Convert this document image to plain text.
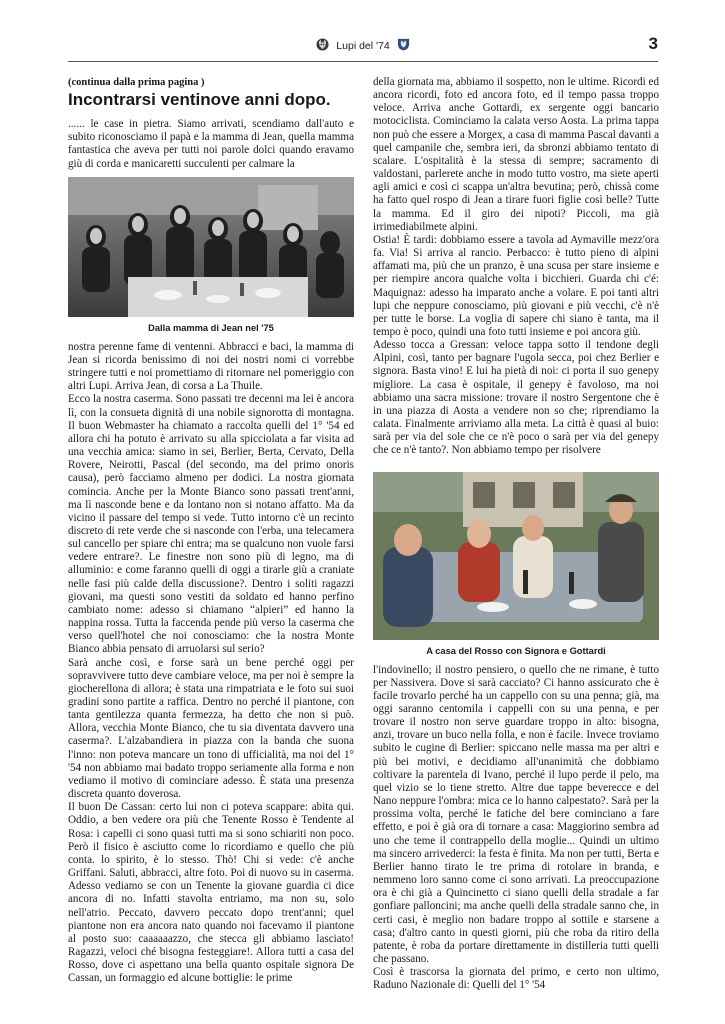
Lupi del '74	3

(continua dalla prima pagina )

Incontrarsi ventinove anni dopo.

...... le case in pietra. Siamo arrivati, scendiamo dall'auto e subito riconosciamo il papà e la mamma di Jean, quella mamma fantastica che aveva per tutti noi parole dolci quando eravamo giù di corda e manicaretti succulenti per calmare la

Dalla mamma di Jean nel '75

nostra perenne fame di ventenni. Abbracci e baci, la mamma di Jean si ricorda benissimo di noi dei nostri nomi ci vorrebbe stringere tutti e noi promettiamo di ritornare nel pomeriggio con altri Lupi. Arriva Jean, di corsa a La Thuile.

Ecco la nostra caserma. Sono passati tre decenni ma lei è ancora lì, con la consueta dignità di una nobile signorotta di montagna. Il buon Webmaster ha chiamato a raccolta quelli del 1° '54 ed allora chi ha potuto è arrivato su alla spicciolata a far visita ad una vecchia amica: siamo in sei, Berlier, Berta, Cervato, Della Rovere, Neirotti, Pascal (del secondo, ma del primo onoris causa), però facciamo almeno per dodici. La nostra giornata comincia. Anche per la Monte Bianco sono passati trent'anni, ma lì nasconde bene e da lontano non si notano affatto. Ma da vicino il passare del tempo si vede. Tutto intorno c'è un recinto discreto di rete verde che si nasconde con l'erba, una telecamera sul cancello per spiare chi entra; ma se qualcuno non vuole farsi vedere entrare?. Le finestre non sono più di legno, ma di alluminio: e come faranno quelli di oggi a tirarle giù a craniate nelle fasi più calde della discussione?. Dentro i soliti ragazzi giovani, ma questi sono vestiti da soldato ed hanno perfino cambiato nome: adesso si chiamano “alpieri” ed hanno la nappina rossa. Tutta la faccenda pende più verso la caserma che verso quell'hotel che noi conosciamo: che la nostra Monte Bianco abbia pensato di arruolarsi sul serio?

Sarà anche così, e forse sarà un bene perché oggi per sopravvivere tutto deve cambiare veloce, ma per noi è sempre la giocherellona di allora; è stata una rimpatriata e le foto sui suoi gradini sono partite a raffica. Dentro no perché il piantone, con tanta gentilezza quanta fermezza, ha detto che non si può. Allora, vecchia Monte Bianco, che tu sia diventata davvero una caserma?. L'alzabandiera in piazza con la banda che suona l'inno: non poteva mancare un tono di ufficialità, ma noi del 1° '54 non abbiamo mai badato troppo seriamente alla forma e non vediamo il motivo di cominciare adesso. È stata una presenza discreta quanto doverosa.

Il buon De Cassan: certo lui non ci poteva scappare: abita qui. Oddio, a ben vedere ora più che Tenente Rosso è Tendente al Rosa: i capelli ci sono quasi tutti ma si sono schiariti non poco. Però il fisico è asciutto come lo ricordiamo e quello che più conta. lo spirito, è lo stesso. Thò! Chi si vede: c'è anche Griffani. Saluti, abbracci, altre foto. Poi di nuovo su in caserma. Adesso vediamo se con un Tenente la giovane guardia ci dice ancora di no. Infatti stavolta entriamo, ma non su, solo nell'atrio. Peccato, davvero peccato dopo trent'anni; quel piantone non era ancora nato quando noi facevamo il piantone al posto suo: caaaaaazzo, che stecca gli abbiamo lasciato! Ragazzi, veloci ché bisogna festeggiare!. Allora tutti a casa del Rosso, dove ci aspettano una bella quanto ospitale signora De Cassan, un formaggio ed alcune bottiglie: le prime

della giornata ma, abbiamo il sospetto, non le ultime. Ricordi ed ancora ricordi, foto ed ancora foto, ed il tempo passa troppo veloce. Arriva anche Gottardi, ex sergente oggi bancario motociclista. Cominciamo la calata verso Aosta. La prima tappa non può che essere a Morgex, a casa di mamma Pascal davanti a quel campanile che, sembra ieri, da sbronzi abbiamo tentato di scalare. L'ospitalità è la stessa di sempre; sacramento di valdostani, parlerete anche in modo tutto vostro, ma siete aperti agli amici e così ci scappa un'altra bevutina; però, chissà come ha fatto quel rospo di Jean a tirare fuori figlie così belle? Tutte la mamma. Ed il giro dei nipoti? Piccoli, ma già irrimediabilmete alpini.

Ostia! È tardi: dobbiamo essere a tavola ad Aymaville mezz'ora fa. Via! Si arriva al rancio. Perbacco: è tutto pieno di alpini affamati ma, più che un pranzo, è una scusa per stare insieme e per riempire ancora qualche volta i bicchieri. Guarda chi c'é: Maquignaz: adesso ha imparato anche a volare. E poi tanti altri lupi che neppure conosciamo, più giovani e più vecchi, c'è n'è per tutte le borse. La voglia di sapere chi siano è tanta, ma il tempo è poco, quindi una foto tutti insieme e poi ancora giù.

Adesso tocca a Gressan: veloce tappa sotto il tendone degli Alpini, così, tanto per bagnare l'ugola secca, poi chez Berlier e signora. Basta vino! E lui ha pietà di noi: ci porta il suo genepy migliore. La casa è ospitale, il genepy è favoloso, ma noi abbiamo una sacra missione: trovare il nostro Sergentone che è in una piazza di Aosta a vendere non so che; riprendiamo la calata. Finalmente arriviamo alla meta. La città è quasi al buio: sarà per via del sole che ce n'è poco o sarà per via del genepy che ce n'è tanto?. Non abbiamo tempo per risolvere

A casa del Rosso con Signora e Gottardi

l'indovinello; il nostro pensiero, o quello che ne rimane, è tutto per Nassivera. Dove si sarà cacciato? Ci hanno assicurato che è facile trovarlo perché ha un cappello con su una penna; già, ma oggi saranno centomila i cappelli con su una penna, e per trovare il nostro non serve guardare troppo in alto: bisogna, anzi, trovare un buco nella folla, e non è facile. Invece troviamo subito le cugine di Berlier: spiccano nelle massa ma per altri e più bei motivi, e decidiamo all'unanimità che dobbiamo coltivare la parentela di Ivano, perché il lupo perde il pelo, ma quel vizio se lo tiene stretto. Altre due tappe beverecce e del Nano neppure l'ombra: mica ce lo hanno calpestato?. Sarà per la prossima volta, perché le fatiche del bere cominciano a fare effetto, e poi è già ora di tornare a casa: Maggiorino sembra ad uno che teme il contrappello della moglie... Quindi un ultimo ma sincero arrivederci: la festa è finita. Ma non per tutti, Berta e Berlier hanno tirato le tre prima di rotolare in branda, e nemmeno loro sanno come ci sono arrivati. La preoccupazione ora è chi già a Quincinetto ci siano quelli della stradale a far gonfiare palloncini; ma anche quelli della stradale sanno che, in certi casi, è meglio non badare troppo al sottile e starsene a casa; d'altro canto in questi giorni, più che roba da ritiro della patente, è roba da portare direttamente in distilleria tutti quelli che passano.

Così è trascorsa la giornata del primo, e certo non ultimo, Raduno Nazionale di: Quelli del 1° '54
